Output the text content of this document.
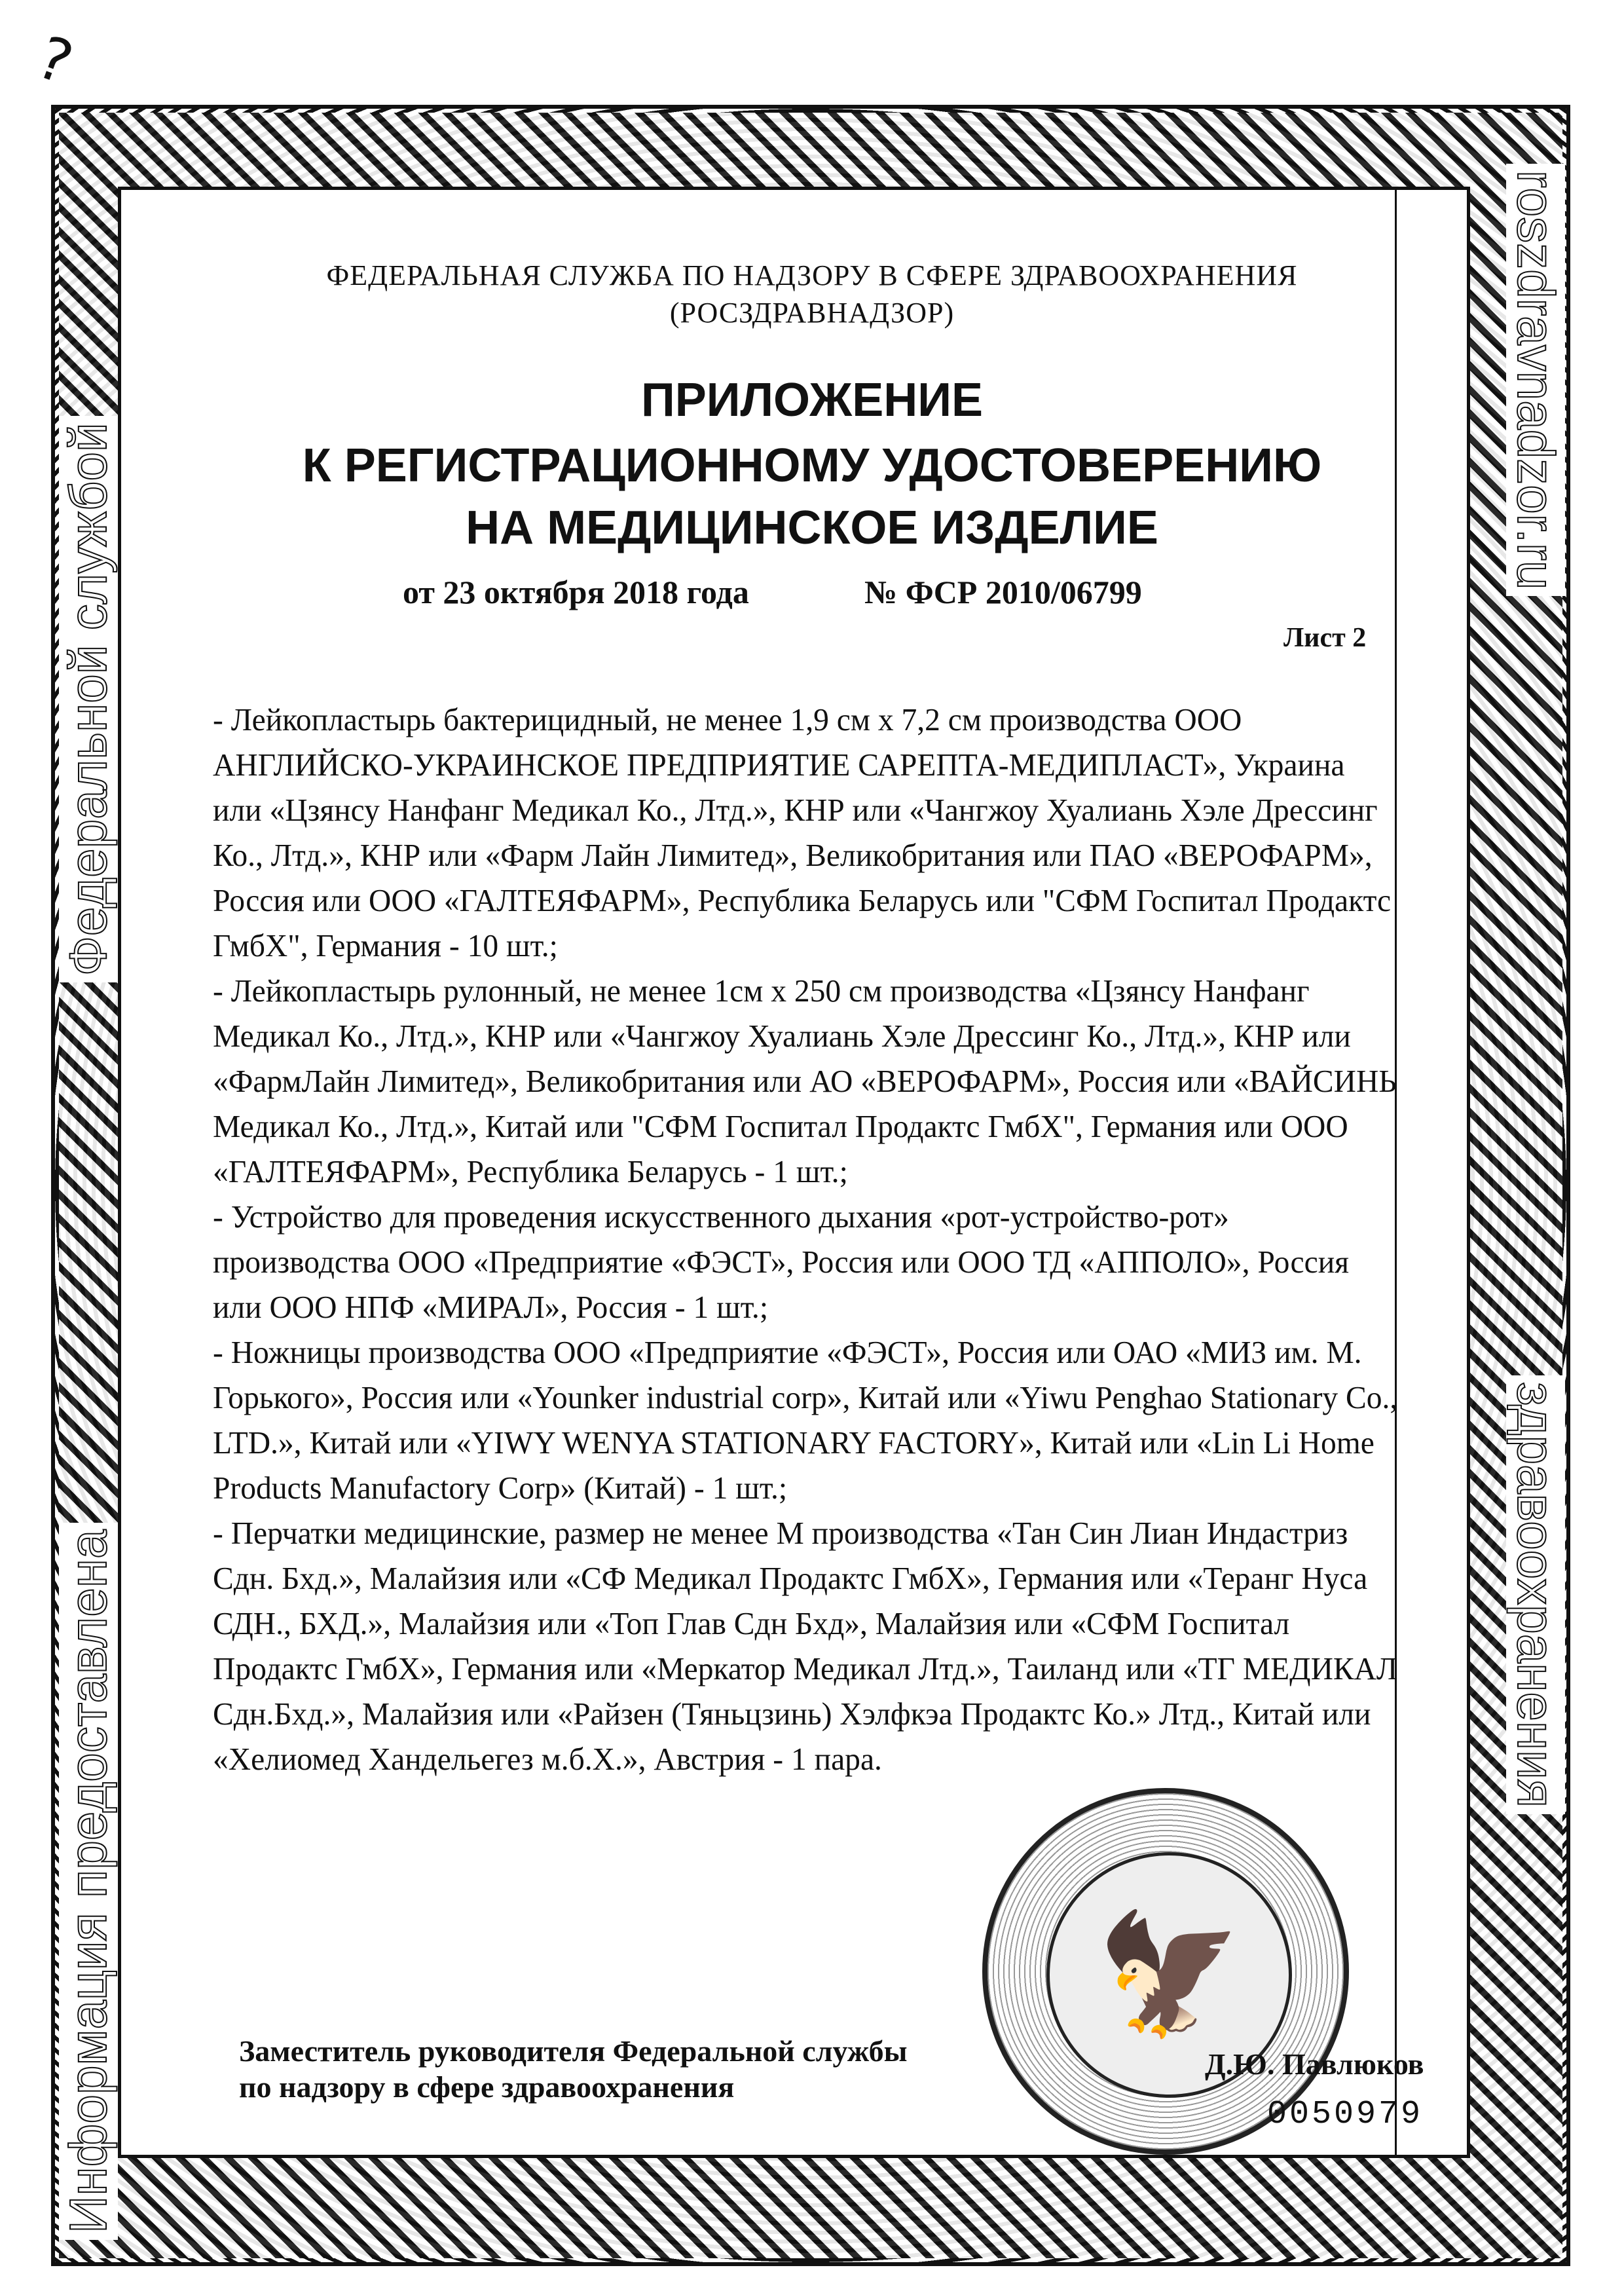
?
Информация предоставлена
Федеральной службой
roszdravnadzor.ru
здравоохранения
ФЕДЕРАЛЬНАЯ СЛУЖБА ПО НАДЗОРУ В СФЕРЕ ЗДРАВООХРАНЕНИЯ
(РОСЗДРАВНАДЗОР)
ПРИЛОЖЕНИЕ
К РЕГИСТРАЦИОННОМУ УДОСТОВЕРЕНИЮ
НА МЕДИЦИНСКОЕ ИЗДЕЛИЕ
от 23 октября 2018 года	№ ФСР 2010/06799
Лист 2
- Лейкопластырь бактерицидный, не менее 1,9 см х 7,2 см производства ООО
АНГЛИЙСКО-УКРАИНСКОЕ ПРЕДПРИЯТИЕ САРЕПТА-МЕДИПЛАСТ», Украина
или «Цзянсу Нанфанг Медикал Ко., Лтд.», КНР или «Чангжоу Хуалиань Хэле Дрессинг
Ко., Лтд.», КНР или «Фарм Лайн Лимитед», Великобритания или ПАО «ВЕРОФАРМ»,
Россия или ООО «ГАЛТЕЯФАРМ», Республика Беларусь или "СФМ Госпитал Продактс
ГмбХ", Германия - 10 шт.;
- Лейкопластырь рулонный, не менее 1см х 250 см производства «Цзянсу Нанфанг
Медикал Ко., Лтд.», КНР или «Чангжоу Хуалиань Хэле Дрессинг Ко., Лтд.», КНР или
«ФармЛайн Лимитед», Великобритания или АО «ВЕРОФАРМ», Россия или «ВАЙСИНЬ
Медикал Ко., Лтд.», Китай или "СФМ Госпитал Продактс ГмбХ", Германия или ООО
«ГАЛТЕЯФАРМ», Республика Беларусь - 1 шт.;
- Устройство для проведения искусственного дыхания «рот-устройство-рот»
производства ООО «Предприятие «ФЭСТ», Россия или ООО ТД «АППОЛО», Россия
или ООО НПФ «МИРАЛ», Россия - 1 шт.;
- Ножницы производства ООО «Предприятие «ФЭСТ», Россия или ОАО «МИЗ им. М.
Горького», Россия или «Younker industrial corp», Китай или «Yiwu Penghao Stationary Co.,
LTD.», Китай или «YIWY WENYA STATIONARY FACTORY», Китай или «Lin Li Home
Products Manufactory Corp» (Китай) - 1 шт.;
- Перчатки медицинские, размер не менее М производства «Тан Син Лиан Индастриз
Сдн. Бхд.», Малайзия или «СФ Медикал Продактс ГмбХ», Германия или «Теранг Нуса
СДН., БХД.», Малайзия или «Топ Глав Сдн Бхд», Малайзия или «СФМ Госпитал
Продактс ГмбХ», Германия или «Меркатор Медикал Лтд.», Таиланд или «ТГ МЕДИКАЛ
Сдн.Бхд.», Малайзия или «Райзен (Тяньцзинь) Хэлфкэа Продактс Ко.» Лтд., Китай или
«Хелиомед Хандельегез м.б.Х.», Австрия - 1 пара.
🦅
Заместитель руководителя Федеральной службы
по надзору в сфере здравоохранения
Д.Ю. Павлюков
0050979
